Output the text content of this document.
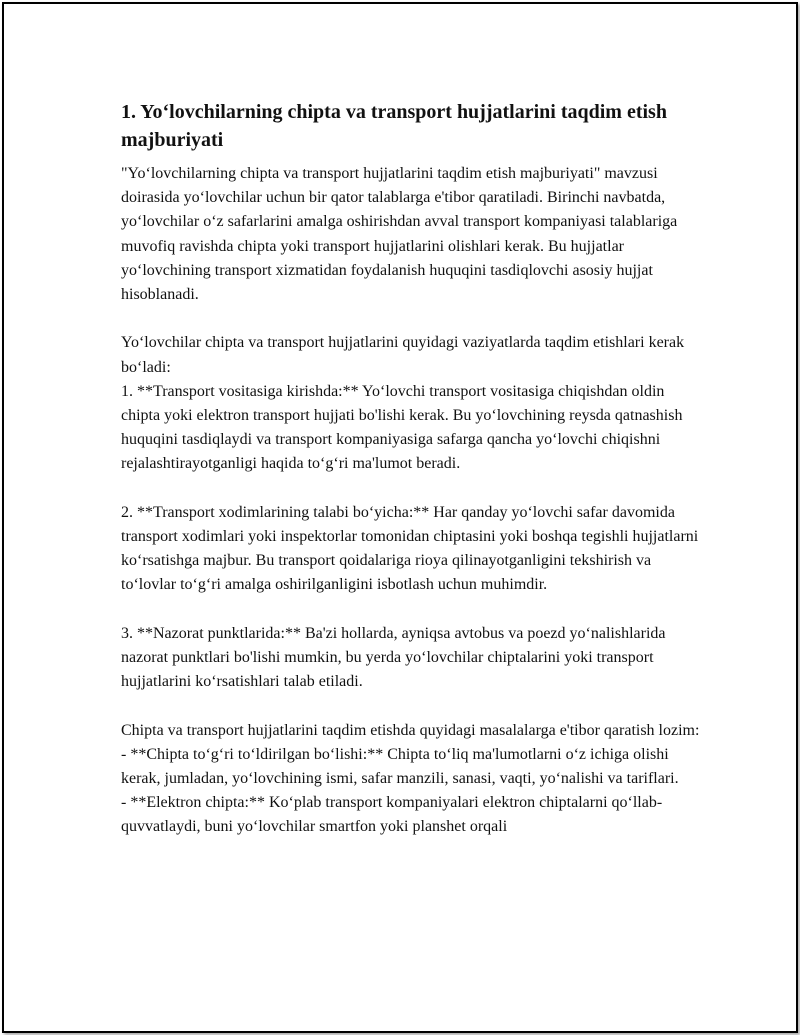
1. Yo‘lovchilarning chipta va transport hujjatlarini taqdim etish majburiyati

"Yo‘lovchilarning chipta va transport hujjatlarini taqdim etish majburiyati" mavzusi doirasida yo‘lovchilar uchun bir qator talablarga e'tibor qaratiladi. Birinchi navbatda, yo‘lovchilar o‘z safarlarini amalga oshirishdan avval transport kompaniyasi talablariga muvofiq ravishda chipta yoki transport hujjatlarini olishlari kerak. Bu hujjatlar yo‘lovchining transport xizmatidan foydalanish huquqini tasdiqlovchi asosiy hujjat hisoblanadi.

Yo‘lovchilar chipta va transport hujjatlarini quyidagi vaziyatlarda taqdim etishlari kerak bo‘ladi:

1. **Transport vositasiga kirishda:** Yo‘lovchi transport vositasiga chiqishdan oldin chipta yoki elektron transport hujjati bo'lishi kerak. Bu yo‘lovchining reysda qatnashish huquqini tasdiqlaydi va transport kompaniyasiga safarga qancha yo‘lovchi chiqishni rejalashtirayotganligi haqida to‘g‘ri ma'lumot beradi.

2. **Transport xodimlarining talabi bo‘yicha:** Har qanday yo‘lovchi safar davomida transport xodimlari yoki inspektorlar tomonidan chiptasini yoki boshqa tegishli hujjatlarni ko‘rsatishga majbur. Bu transport qoidalariga rioya qilinayotganligini tekshirish va to‘lovlar to‘g‘ri amalga oshirilganligini isbotlash uchun muhimdir.

3. **Nazorat punktlarida:** Ba'zi hollarda, ayniqsa avtobus va poezd yo‘nalishlarida nazorat punktlari bo'lishi mumkin, bu yerda yo‘lovchilar chiptalarini yoki transport hujjatlarini ko‘rsatishlari talab etiladi.

Chipta va transport hujjatlarini taqdim etishda quyidagi masalalarga e'tibor qaratish lozim:

- **Chipta to‘g‘ri to‘ldirilgan bo‘lishi:** Chipta to‘liq ma'lumotlarni o‘z ichiga olishi kerak, jumladan, yo‘lovchining ismi, safar manzili, sanasi, vaqti, yo‘nalishi va tariflari.

- **Elektron chipta:** Ko‘plab transport kompaniyalari elektron chiptalarni qo‘llab-quvvatlaydi, buni yo‘lovchilar smartfon yoki planshet orqali
